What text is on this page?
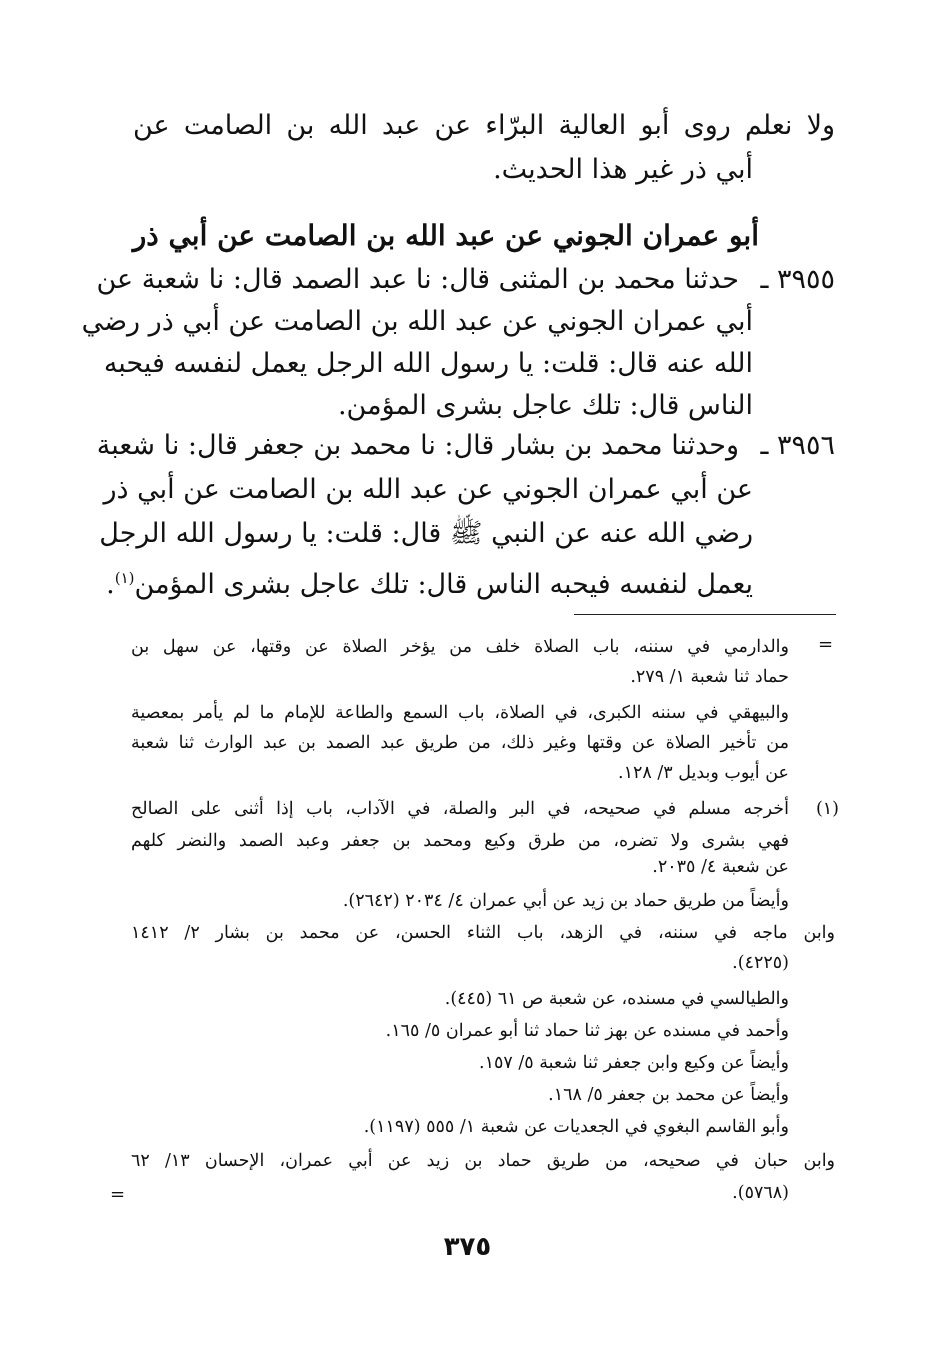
ولا نعلم روى أبو العالية البرّاء عن عبد الله بن الصامت عن
أبي ذر غير هذا الحديث.
أبو عمران الجوني عن عبد الله بن الصامت عن أبي ذر
٣٩٥٥ ـ
حدثنا محمد بن المثنى قال: نا عبد الصمد قال: نا شعبة عن
أبي عمران الجوني عن عبد الله بن الصامت عن أبي ذر رضي
الله عنه قال: قلت: يا رسول الله الرجل يعمل لنفسه فيحبه
الناس قال: تلك عاجل بشرى المؤمن.
٣٩٥٦ ـ
وحدثنا محمد بن بشار قال: نا محمد بن جعفر قال: نا شعبة
عن أبي عمران الجوني عن عبد الله بن الصامت عن أبي ذر
رضي الله عنه عن النبي ﷺ قال: قلت: يا رسول الله الرجل
يعمل لنفسه فيحبه الناس قال: تلك عاجل بشرى المؤمن$^{(١)}$.
=
والدارمي في سننه، باب الصلاة خلف من يؤخر الصلاة عن وقتها، عن سهل بن
حماد ثنا شعبة ١/ ٢٧٩.
والبيهقي في سننه الكبرى، في الصلاة، باب السمع والطاعة للإمام ما لم يأمر بمعصية
من تأخير الصلاة عن وقتها وغير ذلك، من طريق عبد الصمد بن عبد الوارث ثنا شعبة
عن أيوب وبديل ٣/ ١٢٨.
(١)
أخرجه مسلم في صحيحه، في البر والصلة، في الآداب، باب إذا أثنى على الصالح
فهي بشرى ولا تضره، من طرق وكيع ومحمد بن جعفر وعبد الصمد والنضر كلهم
عن شعبة ٤/ ٢٠٣٥.
وأيضاً من طريق حماد بن زيد عن أبي عمران ٤/ ٢٠٣٤ (٢٦٤٢).
وابن ماجه في سننه، في الزهد، باب الثناء الحسن، عن محمد بن بشار ٢/ ١٤١٢
(٤٢٢٥).
والطيالسي في مسنده، عن شعبة ص ٦١ (٤٤٥).
وأحمد في مسنده عن بهز ثنا حماد ثنا أبو عمران ٥/ ١٦٥.
وأيضاً عن وكيع وابن جعفر ثنا شعبة ٥/ ١٥٧.
وأيضاً عن محمد بن جعفر ٥/ ١٦٨.
وأبو القاسم البغوي في الجعديات عن شعبة ١/ ٥٥٥ (١١٩٧).
وابن حبان في صحيحه، من طريق حماد بن زيد عن أبي عمران، الإحسان ١٣/ ٦٢
(٥٧٦٨).
=
٣٧٥
